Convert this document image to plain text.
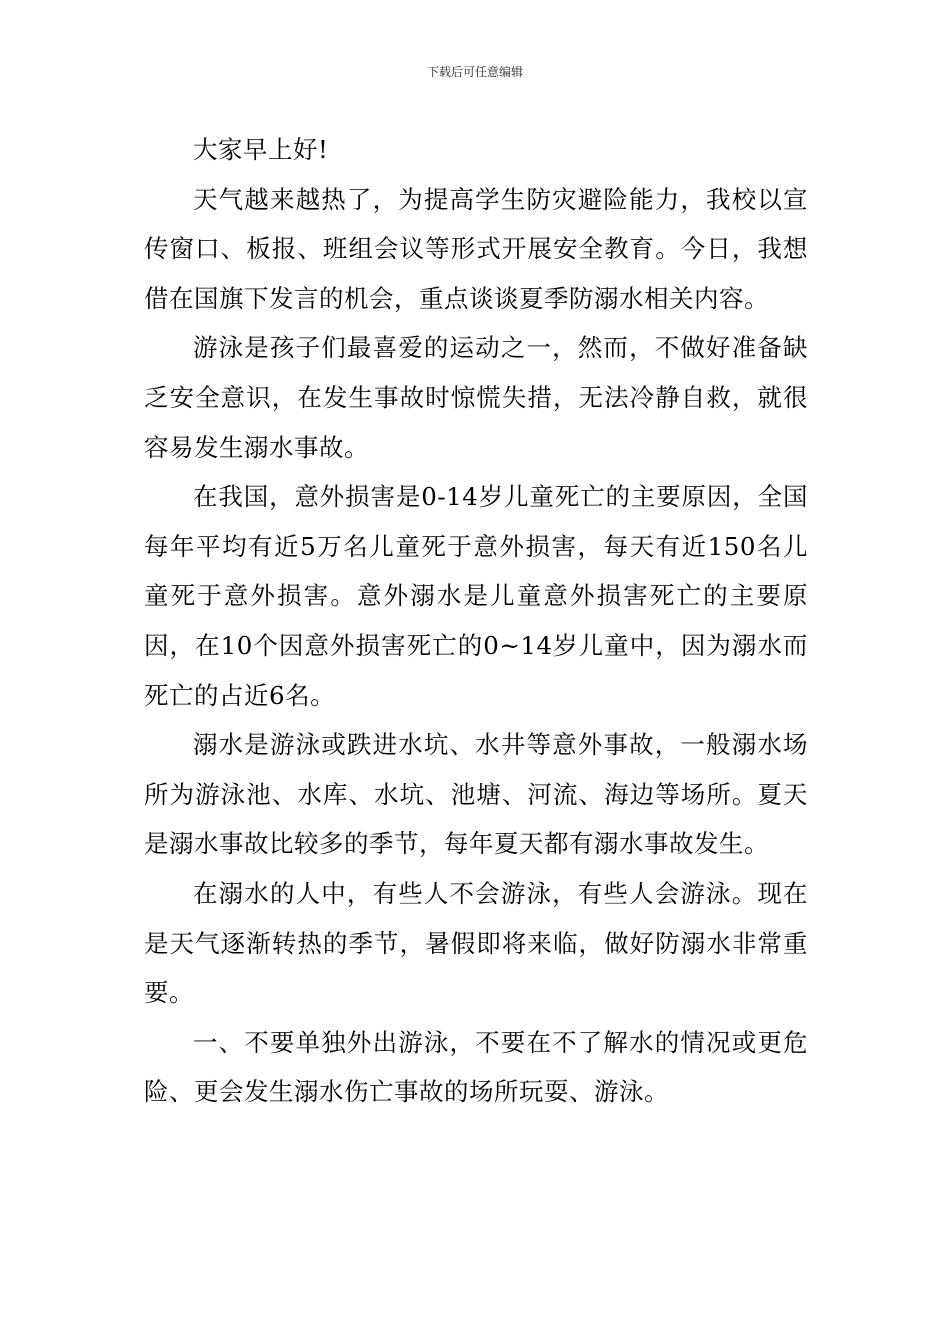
下载后可任意编辑

大家早上好!

天气越来越热了，为提高学生防灾避险能力，我校以宣传窗口、板报、班组会议等形式开展安全教育。今日，我想借在国旗下发言的机会，重点谈谈夏季防溺水相关内容。

游泳是孩子们最喜爱的运动之一，然而，不做好准备缺乏安全意识，在发生事故时惊慌失措，无法冷静自救，就很容易发生溺水事故。

在我国，意外损害是0-14岁儿童死亡的主要原因，全国每年平均有近5万名儿童死于意外损害，每天有近150名儿童死于意外损害。意外溺水是儿童意外损害死亡的主要原因，在10个因意外损害死亡的0~14岁儿童中，因为溺水而死亡的占近6名。

溺水是游泳或跌进水坑、水井等意外事故，一般溺水场所为游泳池、水库、水坑、池塘、河流、海边等场所。夏天是溺水事故比较多的季节，每年夏天都有溺水事故发生。

在溺水的人中，有些人不会游泳，有些人会游泳。现在是天气逐渐转热的季节，暑假即将来临，做好防溺水非常重要。

一、不要单独外出游泳，不要在不了解水的情况或更危险、更会发生溺水伤亡事故的场所玩耍、游泳。
